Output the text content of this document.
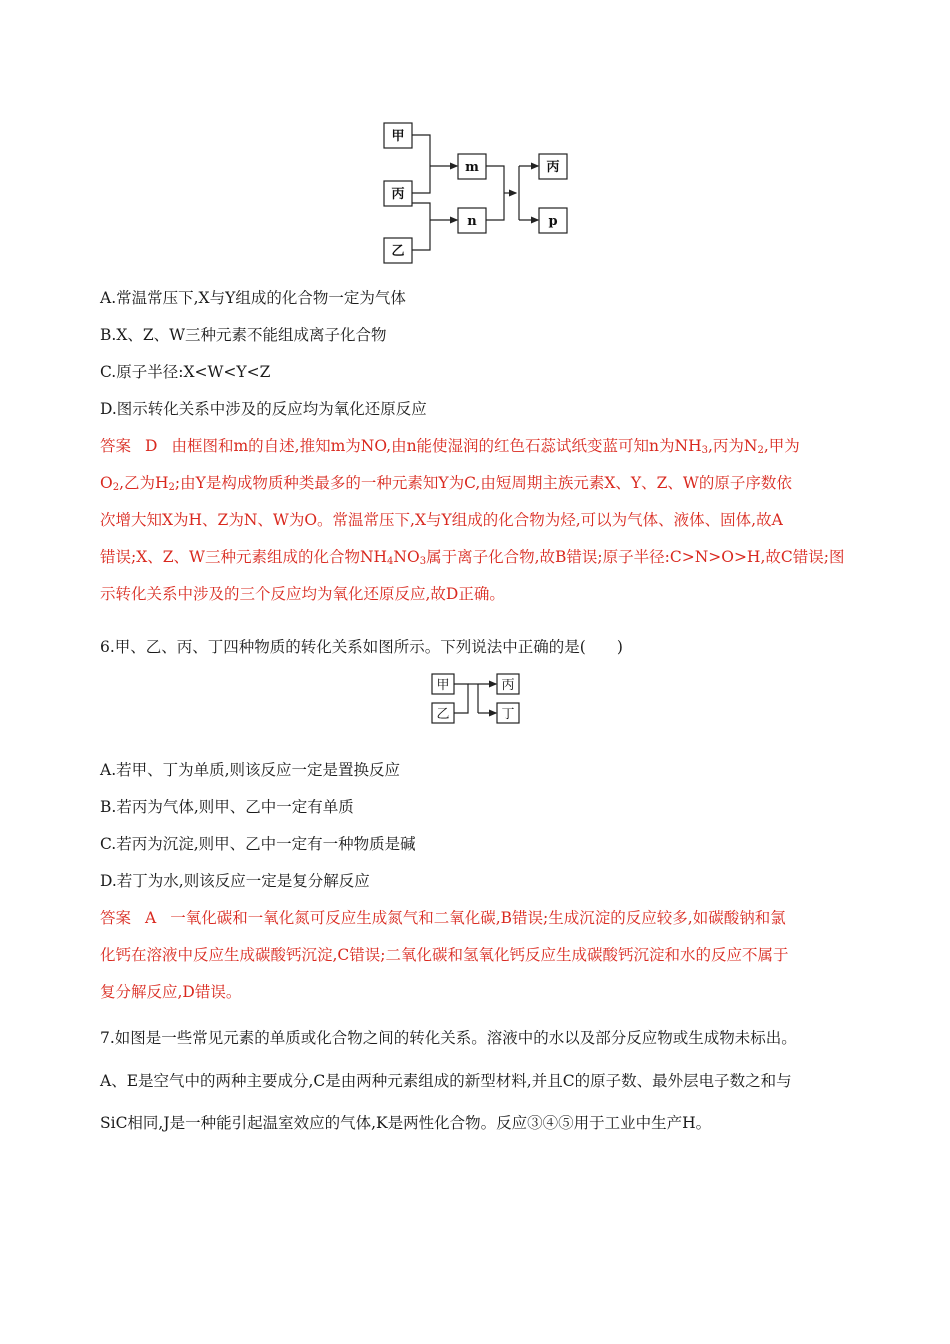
甲
丙
乙
m
n
丙
p
A.常温常压下,X与Y组成的化合物一定为气体
B.X、Z、W三种元素不能组成离子化合物
C.原子半径:X<W<Y<Z
D.图示转化关系中涉及的反应均为氧化还原反应

答案 D 由框图和m的自述,推知m为NO,由n能使湿润的红色石蕊试纸变蓝可知n为$NH_3$,丙为$N_2$,甲为

$O_2$,乙为$H_2$;由Y是构成物质种类最多的一种元素知Y为C,由短周期主族元素X、Y、Z、W的原子序数依

次增大知X为H、Z为N、W为O。常温常压下,X与Y组成的化合物为烃,可以为气体、液体、固体,故A

错误;X、Z、W三种元素组成的化合物$NH_4NO_3$属于离子化合物,故B错误;原子半径:C>N>O>H,故C错误;图

示转化关系中涉及的三个反应均为氧化还原反应,故D正确。

6.甲、乙、丙、丁四种物质的转化关系如图所示。下列说法中正确的是(　　)
甲
乙
丙
丁
A.若甲、丁为单质,则该反应一定是置换反应
B.若丙为气体,则甲、乙中一定有单质
C.若丙为沉淀,则甲、乙中一定有一种物质是碱
D.若丁为水,则该反应一定是复分解反应

答案 A 一氧化碳和一氧化氮可反应生成氮气和二氧化碳,B错误;生成沉淀的反应较多,如碳酸钠和氯

化钙在溶液中反应生成碳酸钙沉淀,C错误;二氧化碳和氢氧化钙反应生成碳酸钙沉淀和水的反应不属于

复分解反应,D错误。

7.如图是一些常见元素的单质或化合物之间的转化关系。溶液中的水以及部分反应物或生成物未标出。
A、E是空气中的两种主要成分,C是由两种元素组成的新型材料,并且C的原子数、最外层电子数之和与
SiC相同,J是一种能引起温室效应的气体,K是两性化合物。反应③④⑤用于工业中生产H。
